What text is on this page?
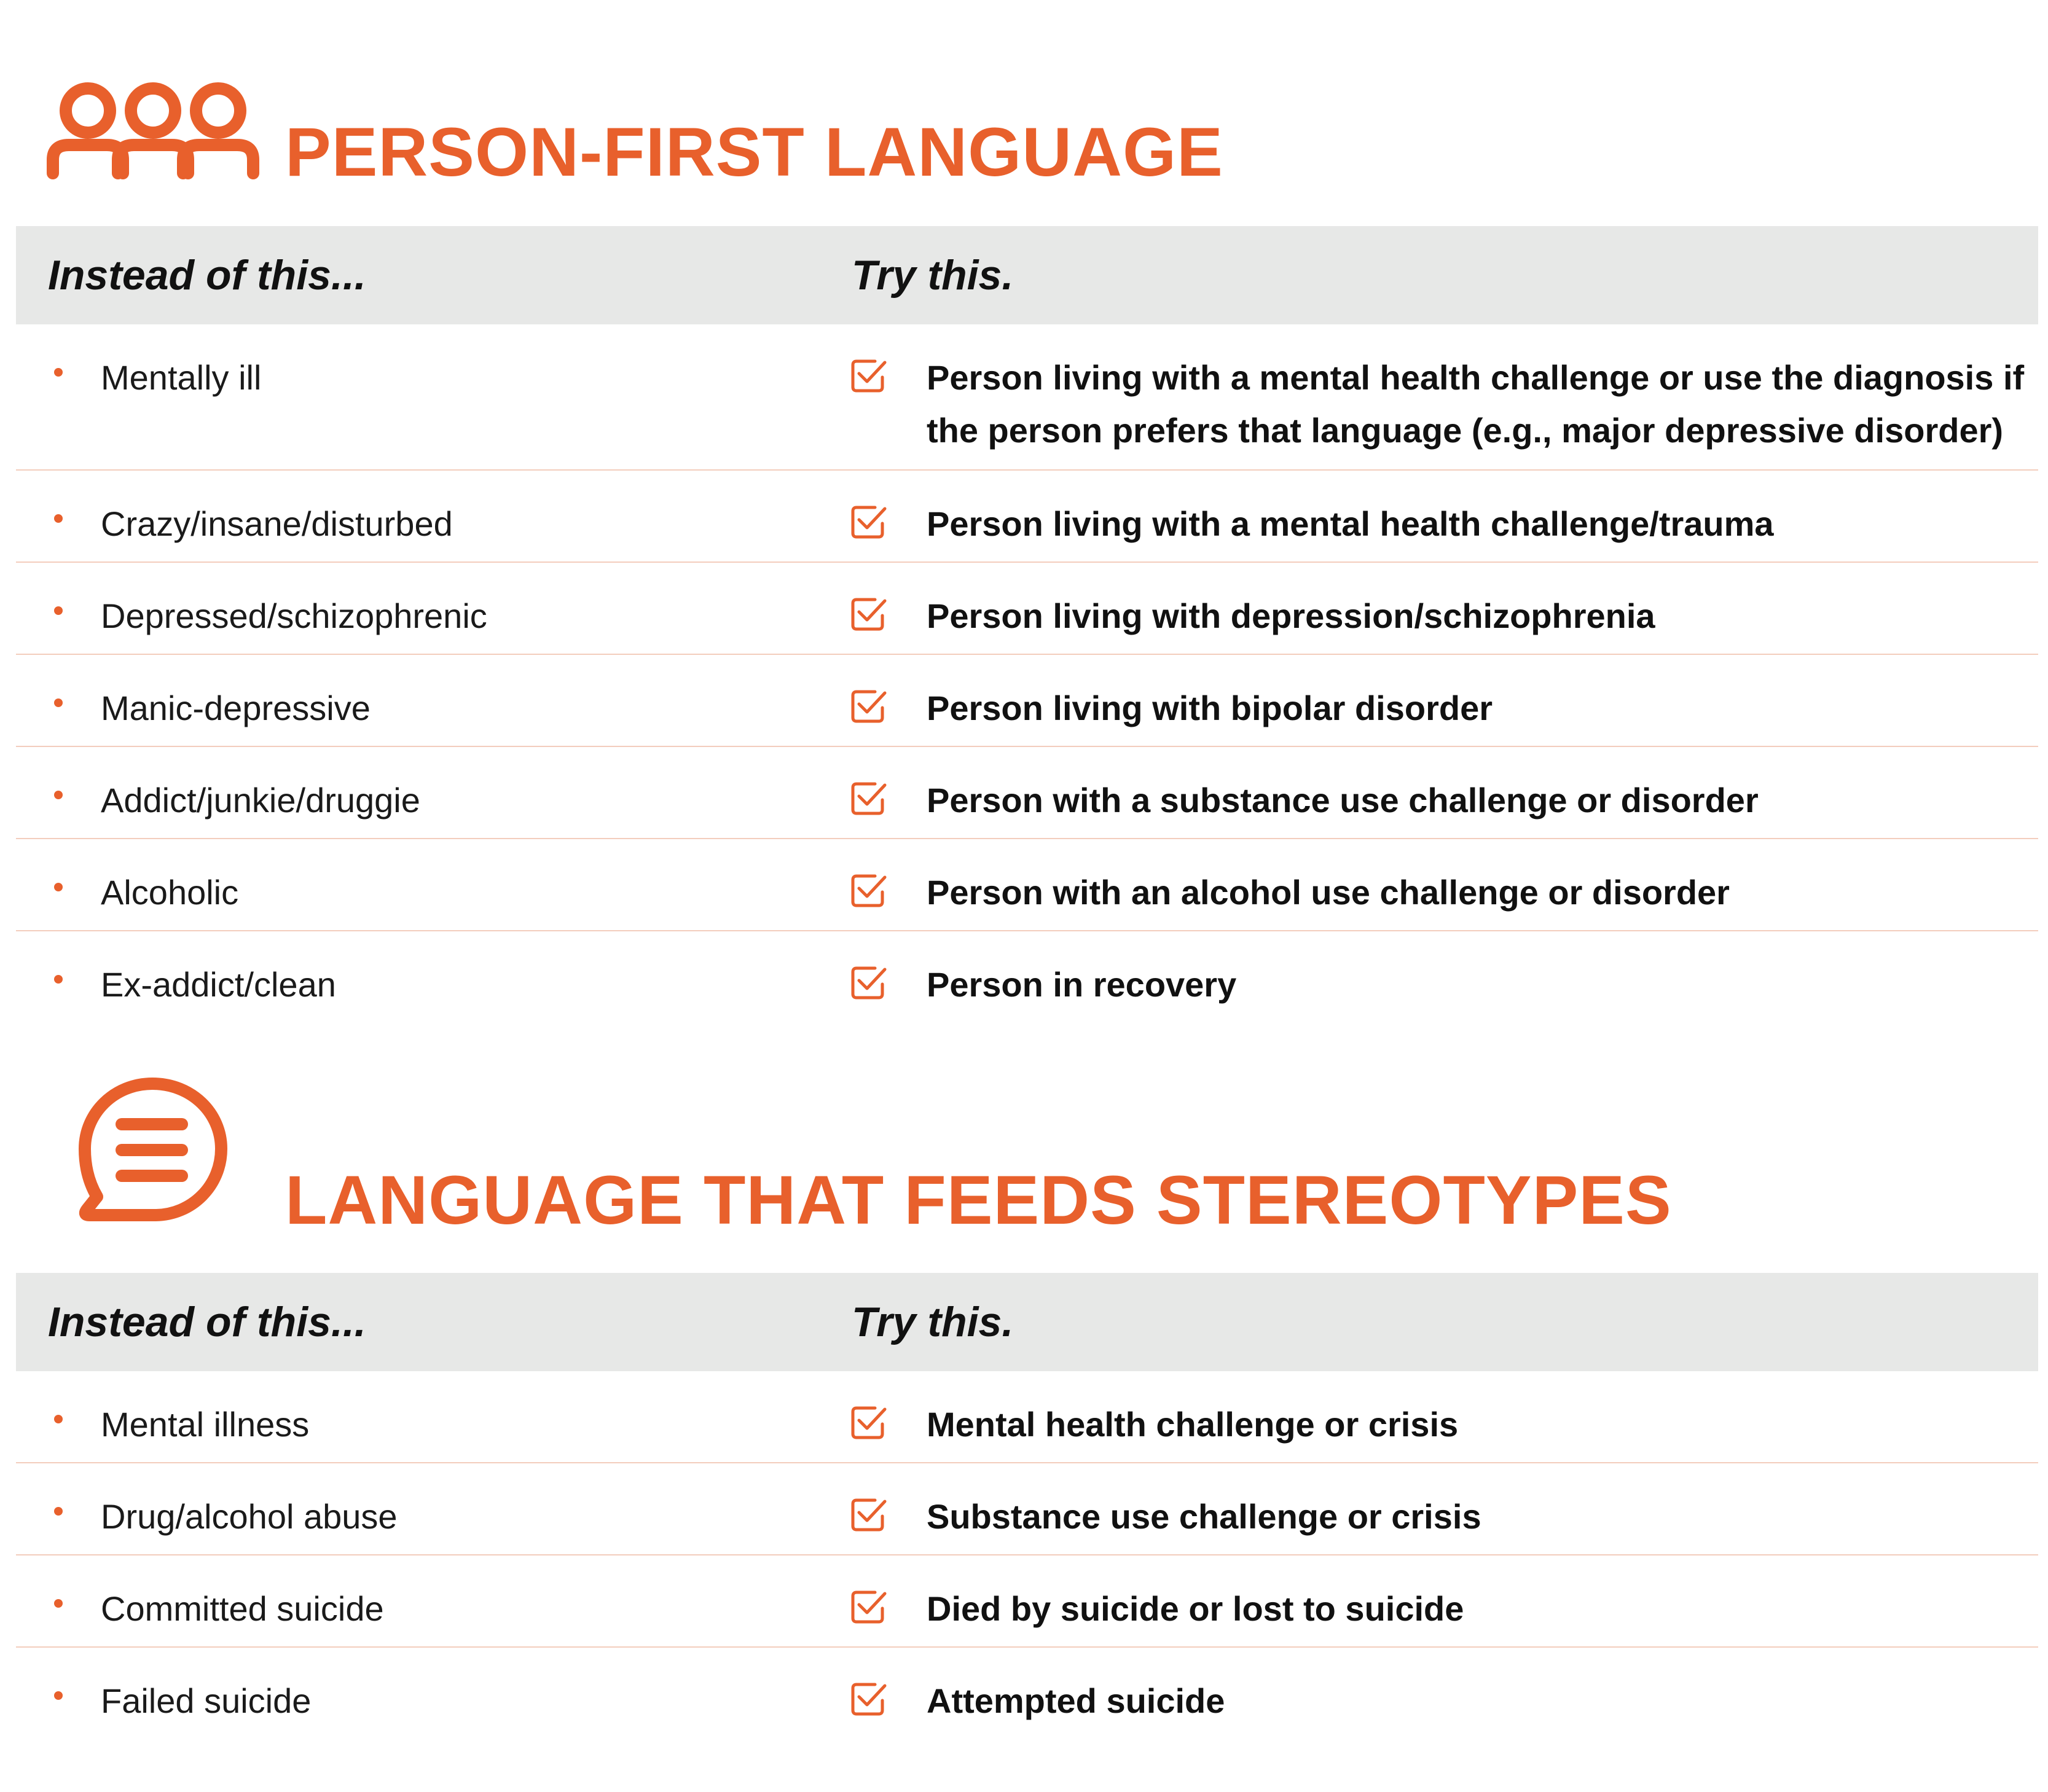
PERSON-FIRST LANGUAGE
Instead of this...	Try this.
Mentally ill	Person living with a mental health challenge or use the diagnosis if the person prefers that language (e.g., major depressive disorder)
Crazy/insane/disturbed	Person living with a mental health challenge/trauma
Depressed/schizophrenic	Person living with depression/schizophrenia
Manic-depressive	Person living with bipolar disorder
Addict/junkie/druggie	Person with a substance use challenge or disorder
Alcoholic	Person with an alcohol use challenge or disorder
Ex-addict/clean	Person in recovery
LANGUAGE THAT FEEDS STEREOTYPES
Instead of this...	Try this.
Mental illness	Mental health challenge or crisis
Drug/alcohol abuse	Substance use challenge or crisis
Committed suicide	Died by suicide or lost to suicide
Failed suicide	Attempted suicide
